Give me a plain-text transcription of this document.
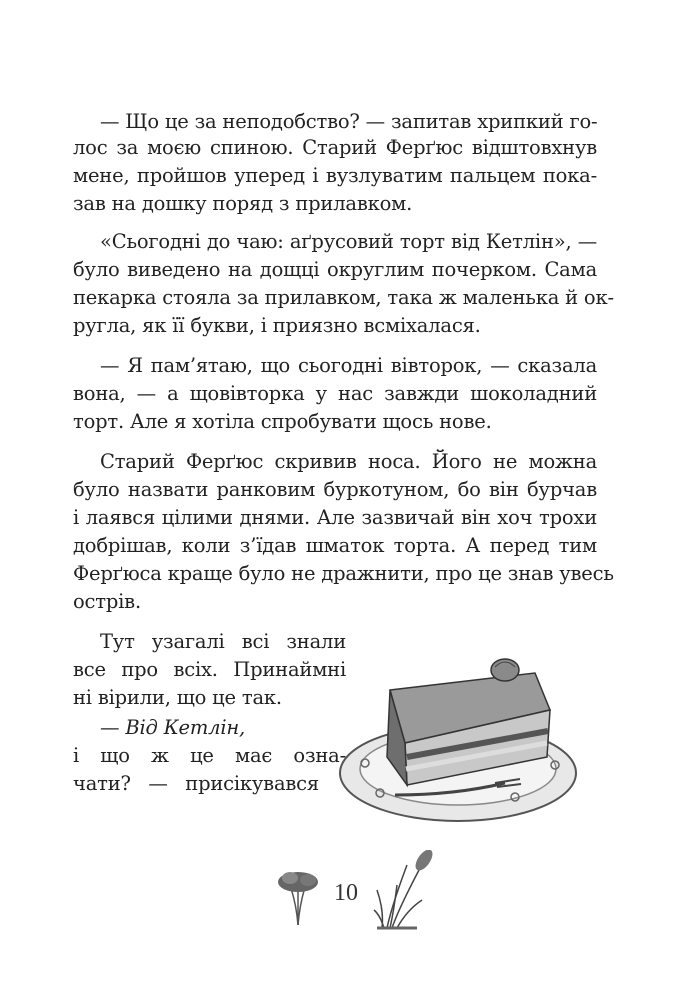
— Що це за неподобство? — запитав хрипкий го-
лос за моєю спиною. Старий Ферґюс відштовхнув
мене, пройшов уперед і вузлуватим пальцем пока-
зав на дошку поряд з прилавком.
«Сьогодні до чаю: аґрусовий торт від Кетлін», —
було виведено на дощці округлим почерком. Сама
пекарка стояла за прилавком, така ж маленька й ок-
ругла, як її букви, і приязно всміхалася.
— Я пам’ятаю, що сьогодні вівторок, — сказала
вона, — а щовівторка у нас завжди шоколадний
торт. Але я хотіла спробувати щось нове.
Старий Ферґюс скривив носа. Його не можна
було назвати ранковим буркотуном, бо він бурчав
і лаявся цілими днями. Але зазвичай він хоч трохи
добрішав, коли з’їдав шматок торта. А перед тим
Ферґюса краще було не дражнити, про це знав увесь
острів.
Тут узагалі всі знали
все про всіх. Принаймні
ні вірили, що це так.
— Від Кетлін,
і що ж це має озна-
чати? — присікувався
10
